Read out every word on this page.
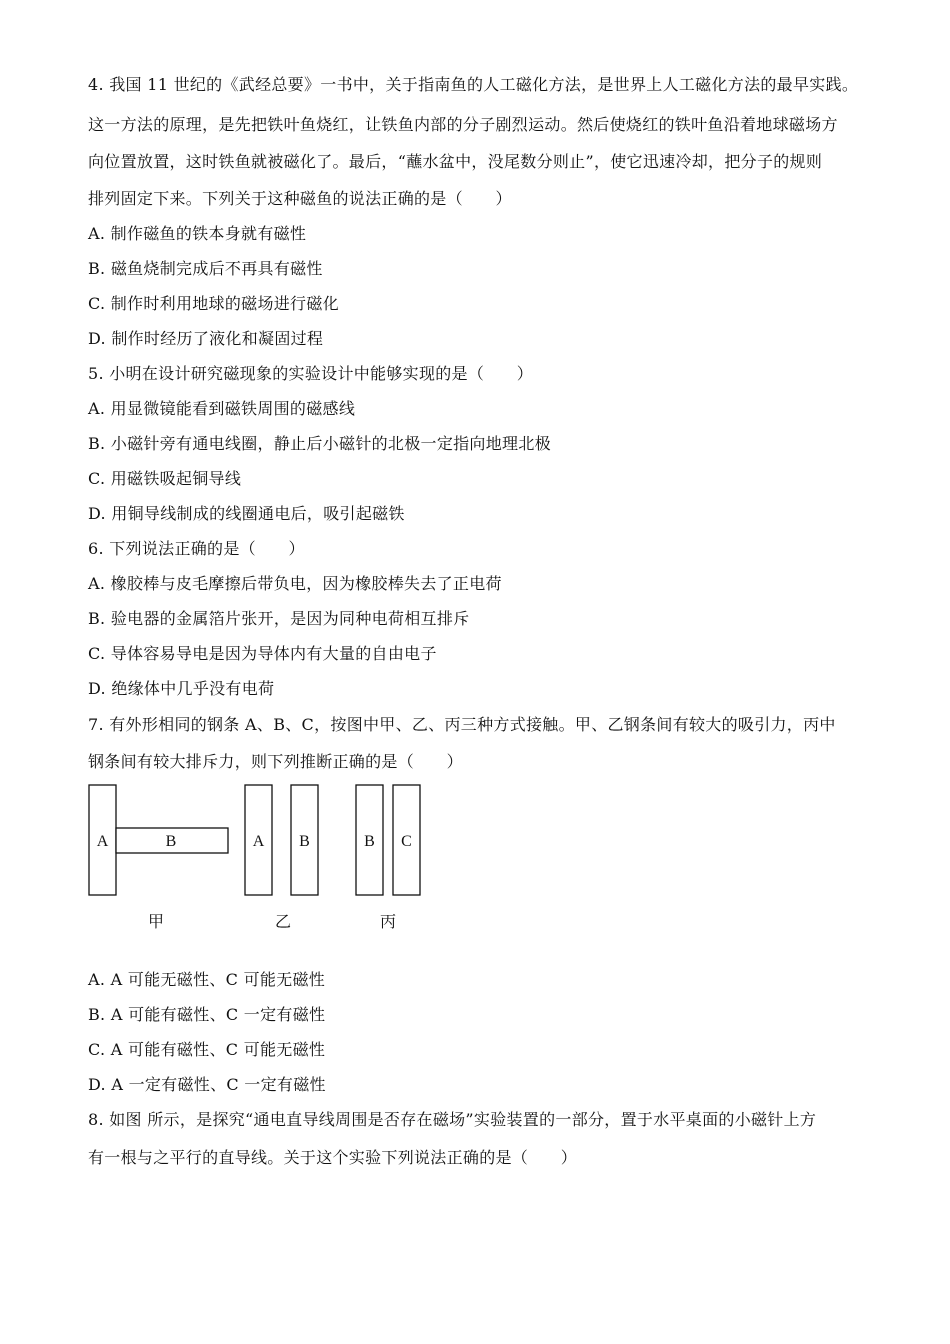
4. 我国 11 世纪的《武经总要》一书中，关于指南鱼的人工磁化方法，是世界上人工磁化方法的最早实践。
这一方法的原理，是先把铁叶鱼烧红，让铁鱼内部的分子剧烈运动。然后使烧红的铁叶鱼沿着地球磁场方
向位置放置，这时铁鱼就被磁化了。最后，“蘸水盆中，没尾数分则止”，使它迅速冷却，把分子的规则
排列固定下来。下列关于这种磁鱼的说法正确的是（　　）
A. 制作磁鱼的铁本身就有磁性
B. 磁鱼烧制完成后不再具有磁性
C. 制作时利用地球的磁场进行磁化
D. 制作时经历了液化和凝固过程
5. 小明在设计研究磁现象的实验设计中能够实现的是（　　）
A. 用显微镜能看到磁铁周围的磁感线
B. 小磁针旁有通电线圈，静止后小磁针的北极一定指向地理北极
C. 用磁铁吸起铜导线
D. 用铜导线制成的线圈通电后，吸引起磁铁
6. 下列说法正确的是（　　）
A. 橡胶棒与皮毛摩擦后带负电，因为橡胶棒失去了正电荷
B. 验电器的金属箔片张开，是因为同种电荷相互排斥
C. 导体容易导电是因为导体内有大量的自由电子
D. 绝缘体中几乎没有电荷
7. 有外形相同的钢条 A、B、C，按图中甲、乙、丙三种方式接触。甲、乙钢条间有较大的吸引力，丙中
钢条间有较大排斥力，则下列推断正确的是（　　）
A	B
甲
A B
乙
B C
丙
A. A 可能无磁性、C 可能无磁性
B. A 可能有磁性、C 一定有磁性
C. A 可能有磁性、C 可能无磁性
D. A 一定有磁性、C 一定有磁性
8. 如图 所示，是探究“通电直导线周围是否存在磁场”实验装置的一部分，置于水平桌面的小磁针上方
有一根与之平行的直导线。关于这个实验下列说法正确的是（　　）
